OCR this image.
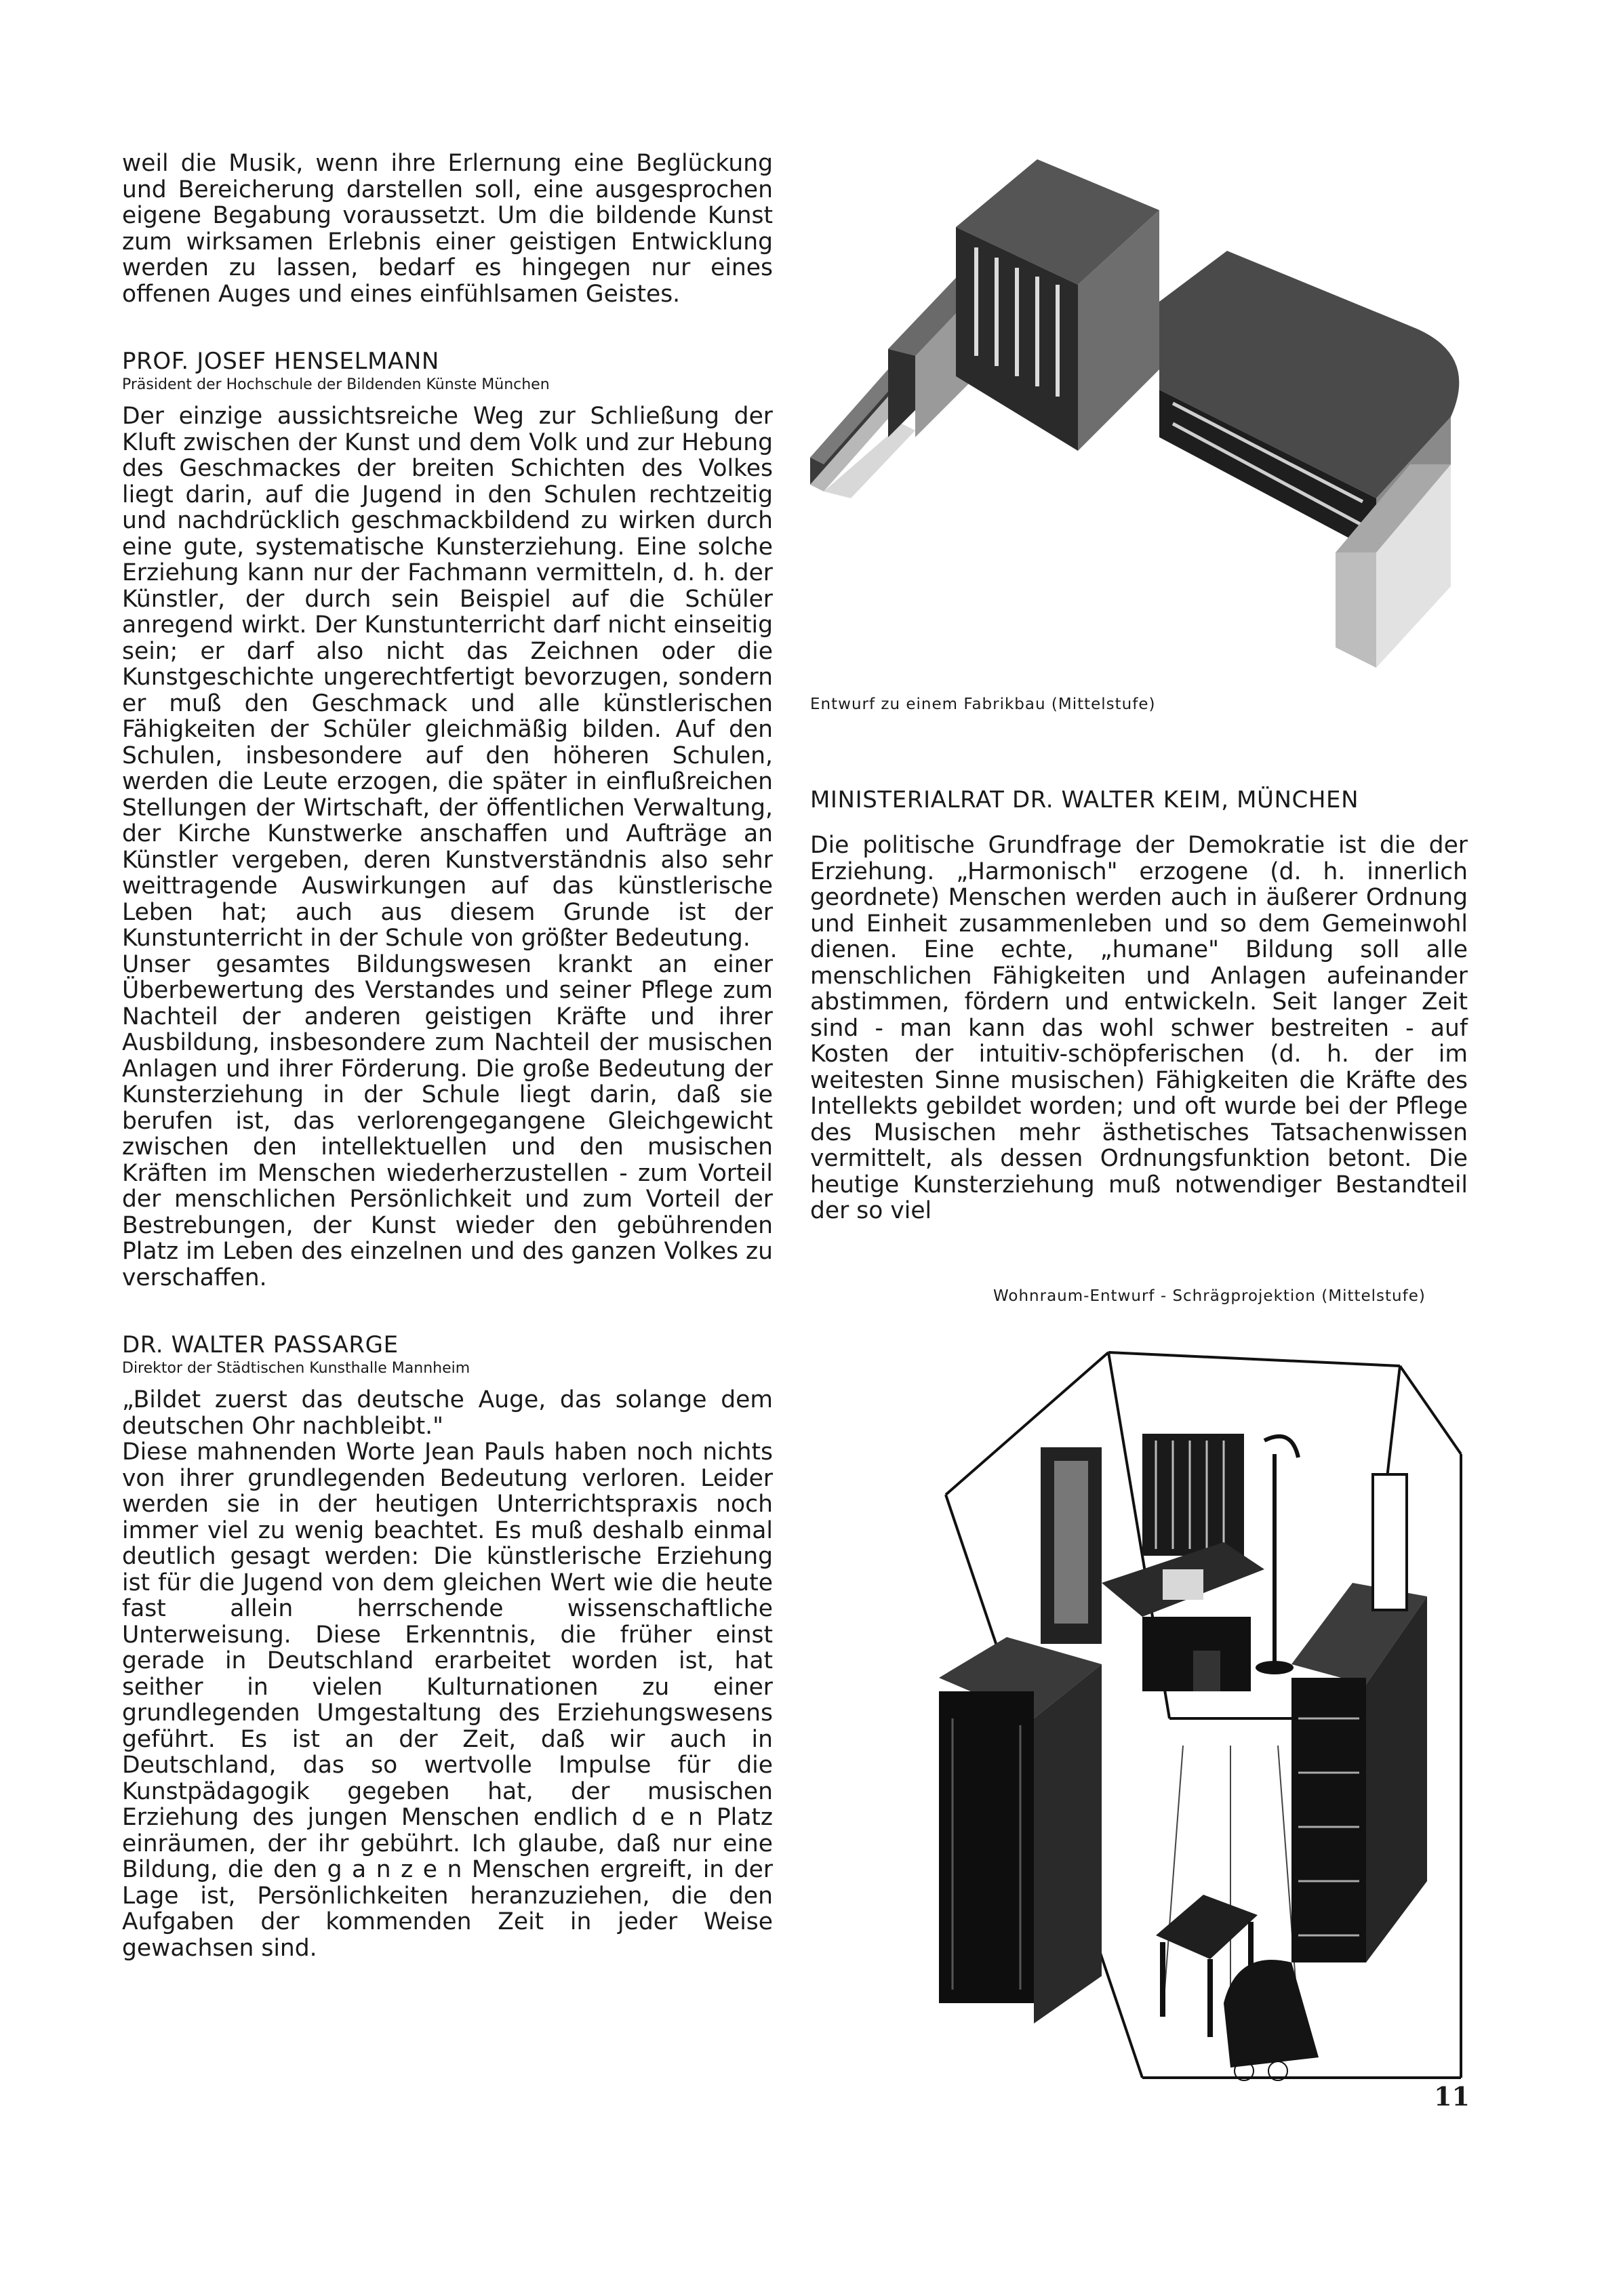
weil die Musik, wenn ihre Erlernung eine Beglückung und Bereicherung darstellen soll, eine ausgesprochen eigene Begabung voraussetzt. Um die bildende Kunst zum wirksamen Erlebnis einer geistigen Entwicklung werden zu lassen, bedarf es hingegen nur eines offenen Auges und eines einfühlsamen Geistes.

PROF. JOSEF HENSELMANN

Präsident der Hochschule der Bildenden Künste München

Der einzige aussichtsreiche Weg zur Schließung der Kluft zwischen der Kunst und dem Volk und zur Hebung des Geschmackes der breiten Schichten des Volkes liegt darin, auf die Jugend in den Schulen rechtzeitig und nachdrücklich geschmackbildend zu wirken durch eine gute, systematische Kunsterziehung. Eine solche Erziehung kann nur der Fachmann vermitteln, d. h. der Künstler, der durch sein Beispiel auf die Schüler anregend wirkt. Der Kunstunterricht darf nicht einseitig sein; er darf also nicht das Zeichnen oder die Kunstgeschichte ungerechtfertigt bevorzugen, sondern er muß den Geschmack und alle künstlerischen Fähigkeiten der Schüler gleichmäßig bilden. Auf den Schulen, insbesondere auf den höheren Schulen, werden die Leute erzogen, die später in einflußreichen Stellungen der Wirtschaft, der öffentlichen Verwaltung, der Kirche Kunstwerke anschaffen und Aufträge an Künstler vergeben, deren Kunstverständnis also sehr weittragende Auswirkungen auf das künstlerische Leben hat; auch aus diesem Grunde ist der Kunstunterricht in der Schule von größter Bedeutung.

Unser gesamtes Bildungswesen krankt an einer Überbewertung des Verstandes und seiner Pflege zum Nachteil der anderen geistigen Kräfte und ihrer Ausbildung, insbesondere zum Nachteil der musischen Anlagen und ihrer Förderung. Die große Bedeutung der Kunsterziehung in der Schule liegt darin, daß sie berufen ist, das verlorengegangene Gleichgewicht zwischen den intellektuellen und den musischen Kräften im Menschen wiederherzustellen - zum Vorteil der menschlichen Persönlichkeit und zum Vorteil der Bestrebungen, der Kunst wieder den gebührenden Platz im Leben des einzelnen und des ganzen Volkes zu verschaffen.

DR. WALTER PASSARGE

Direktor der Städtischen Kunsthalle Mannheim

„Bildet zuerst das deutsche Auge, das solange dem deutschen Ohr nachbleibt."

Diese mahnenden Worte Jean Pauls haben noch nichts von ihrer grundlegenden Bedeutung verloren. Leider werden sie in der heutigen Unterrichtspraxis noch immer viel zu wenig beachtet. Es muß deshalb einmal deutlich gesagt werden: Die künstlerische Erziehung ist für die Jugend von dem gleichen Wert wie die heute fast allein herrschende wissenschaftliche Unterweisung. Diese Erkenntnis, die früher einst gerade in Deutschland erarbeitet worden ist, hat seither in vielen Kulturnationen zu einer grundlegenden Umgestaltung des Erziehungswesens geführt. Es ist an der Zeit, daß wir auch in Deutschland, das so wertvolle Impulse für die Kunstpädagogik gegeben hat, der musischen Erziehung des jungen Menschen endlich d e n Platz einräumen, der ihr gebührt. Ich glaube, daß nur eine Bildung, die den g a n z e n Menschen ergreift, in der Lage ist, Persönlichkeiten heranzuziehen, die den Aufgaben der kommenden Zeit in jeder Weise gewachsen sind.

Entwurf zu einem Fabrikbau (Mittelstufe)
MINISTERIALRAT DR. WALTER KEIM, MÜNCHEN

Die politische Grundfrage der Demokratie ist die der Erziehung. „Harmonisch" erzogene (d. h. innerlich geordnete) Menschen werden auch in äußerer Ordnung und Einheit zusammenleben und so dem Gemeinwohl dienen. Eine echte, „humane" Bildung soll alle menschlichen Fähigkeiten und Anlagen aufeinander abstimmen, fördern und entwickeln. Seit langer Zeit sind - man kann das wohl schwer bestreiten - auf Kosten der intuitiv-schöpferischen (d. h. der im weitesten Sinne musischen) Fähigkeiten die Kräfte des Intellekts gebildet worden; und oft wurde bei der Pflege des Musischen mehr ästhetisches Tatsachenwissen vermittelt, als dessen Ordnungsfunktion betont. Die heutige Kunsterziehung muß notwendiger Bestandteil der so viel

Wohnraum-Entwurf - Schrägprojektion (Mittelstufe)
11
